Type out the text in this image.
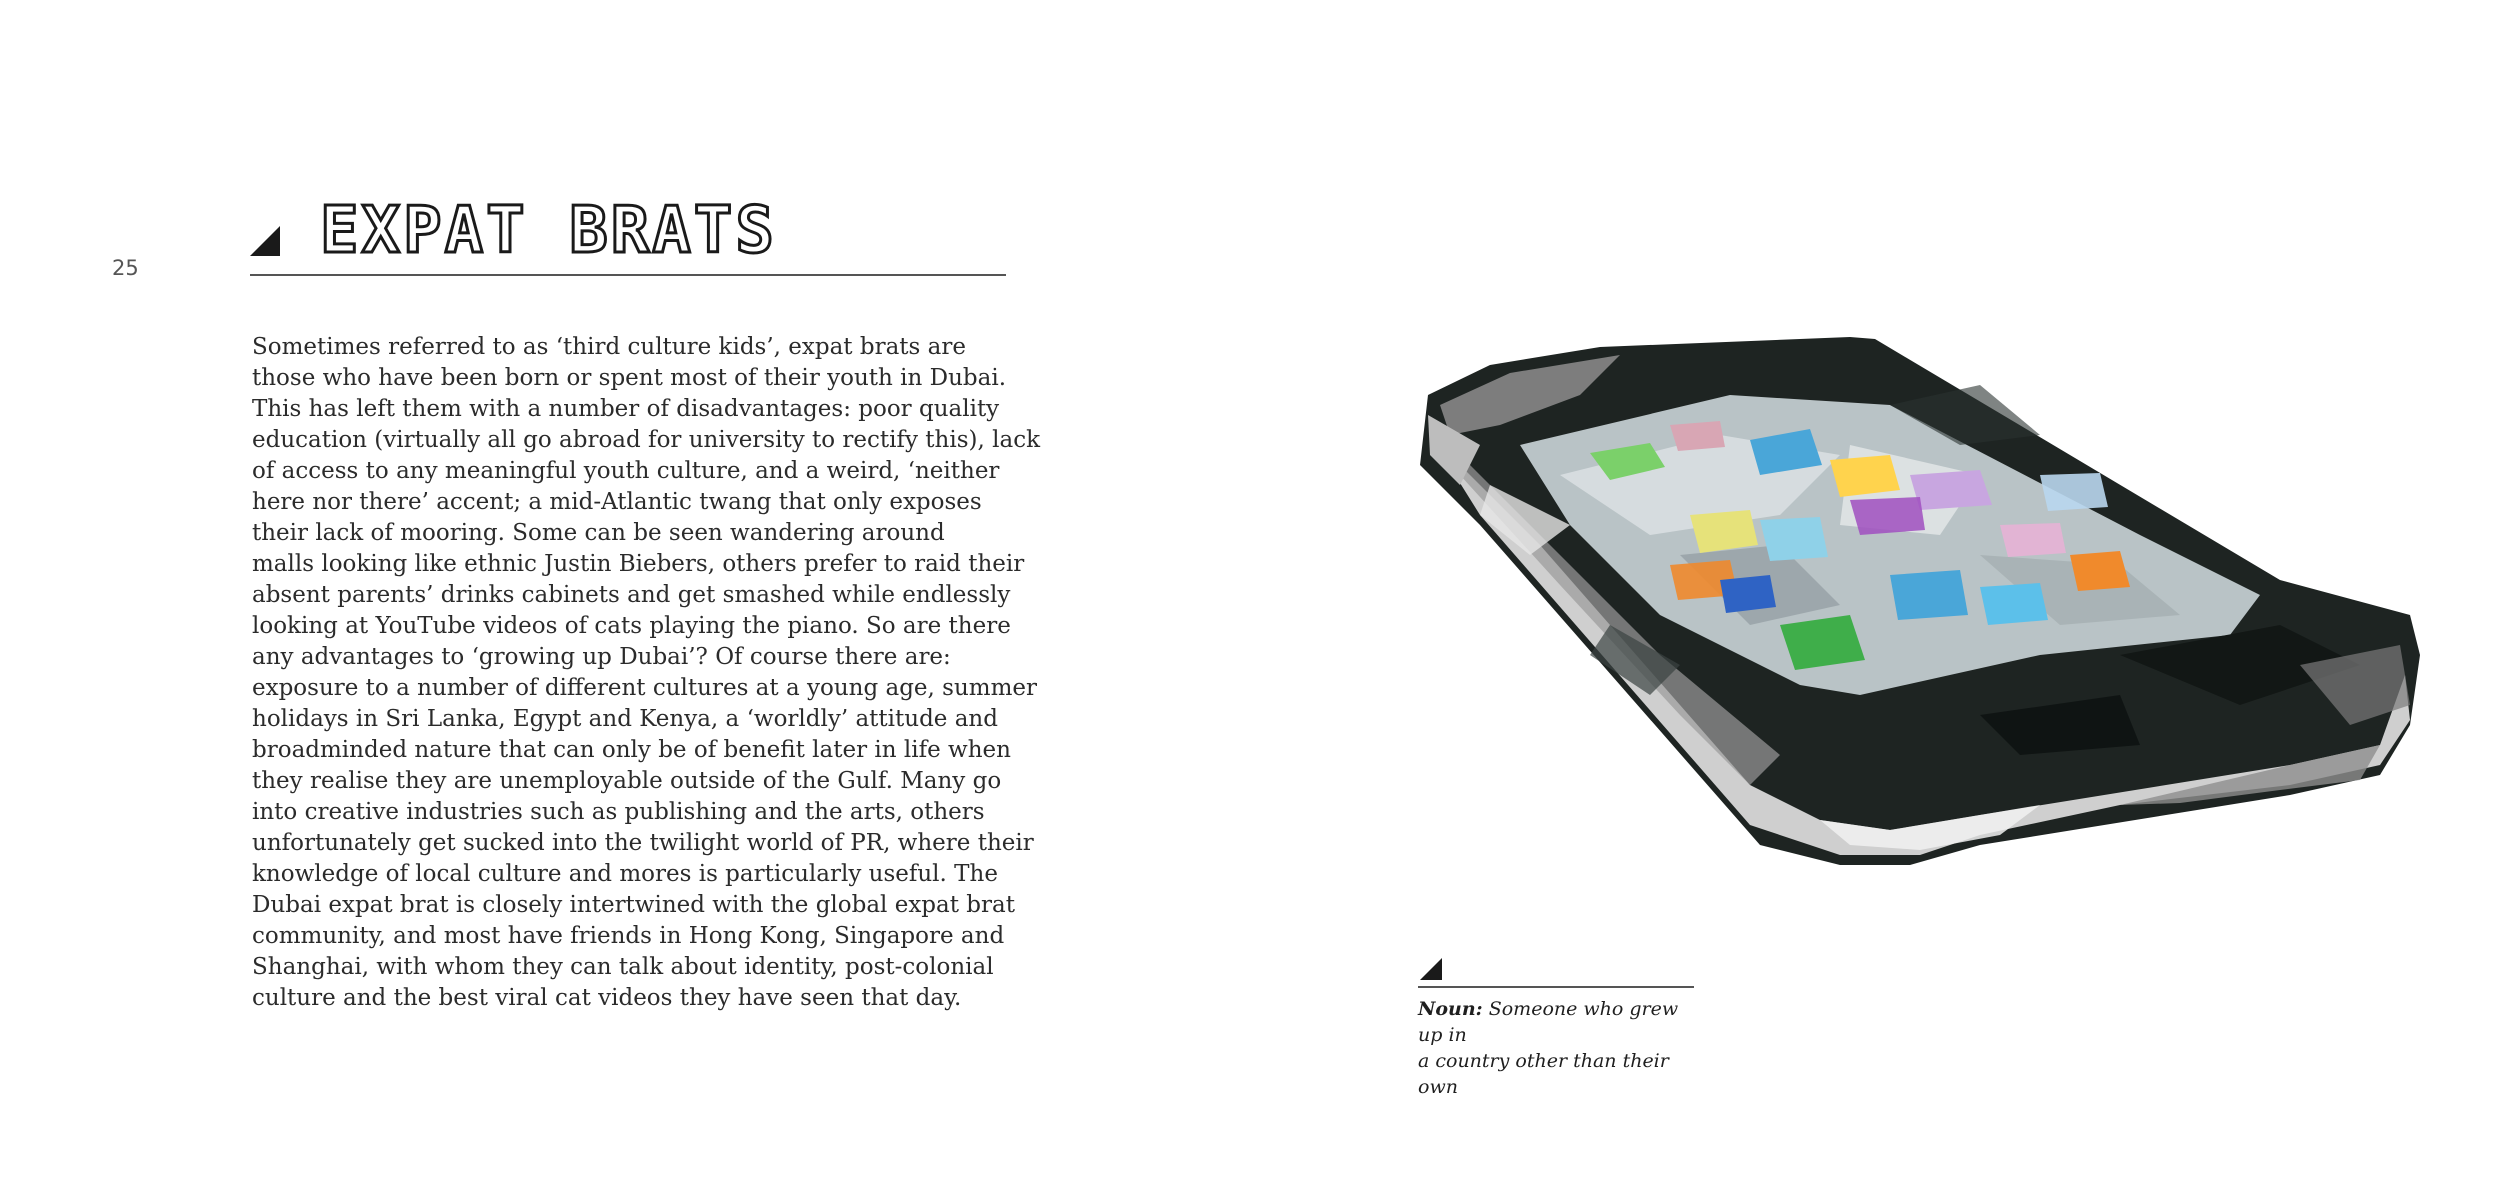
25	EXPAT BRATS
Sometimes referred to as ‘third culture kids’, expat brats are
those who have been born or spent most of their youth in Dubai.
This has left them with a number of disadvantages: poor quality
education (virtually all go abroad for university to rectify this), lack
of access to any meaningful youth culture, and a weird, ‘neither
here nor there’ accent; a mid-Atlantic twang that only exposes
their lack of mooring. Some can be seen wandering around
malls looking like ethnic Justin Biebers, others prefer to raid their
absent parents’ drinks cabinets and get smashed while endlessly
looking at YouTube videos of cats playing the piano. So are there
any advantages to ‘growing up Dubai’? Of course there are:
exposure to a number of different cultures at a young age, summer
holidays in Sri Lanka, Egypt and Kenya, a ‘worldly’ attitude and
broadminded nature that can only be of benefit later in life when
they realise they are unemployable outside of the Gulf. Many go
into creative industries such as publishing and the arts, others
unfortunately get sucked into the twilight world of PR, where their
knowledge of local culture and mores is particularly useful. The
Dubai expat brat is closely intertwined with the global expat brat
community, and most have friends in Hong Kong, Singapore and
Shanghai, with whom they can talk about identity, post-colonial
culture and the best viral cat videos they have seen that day.	Noun: Someone who grew up in
a country other than their own
